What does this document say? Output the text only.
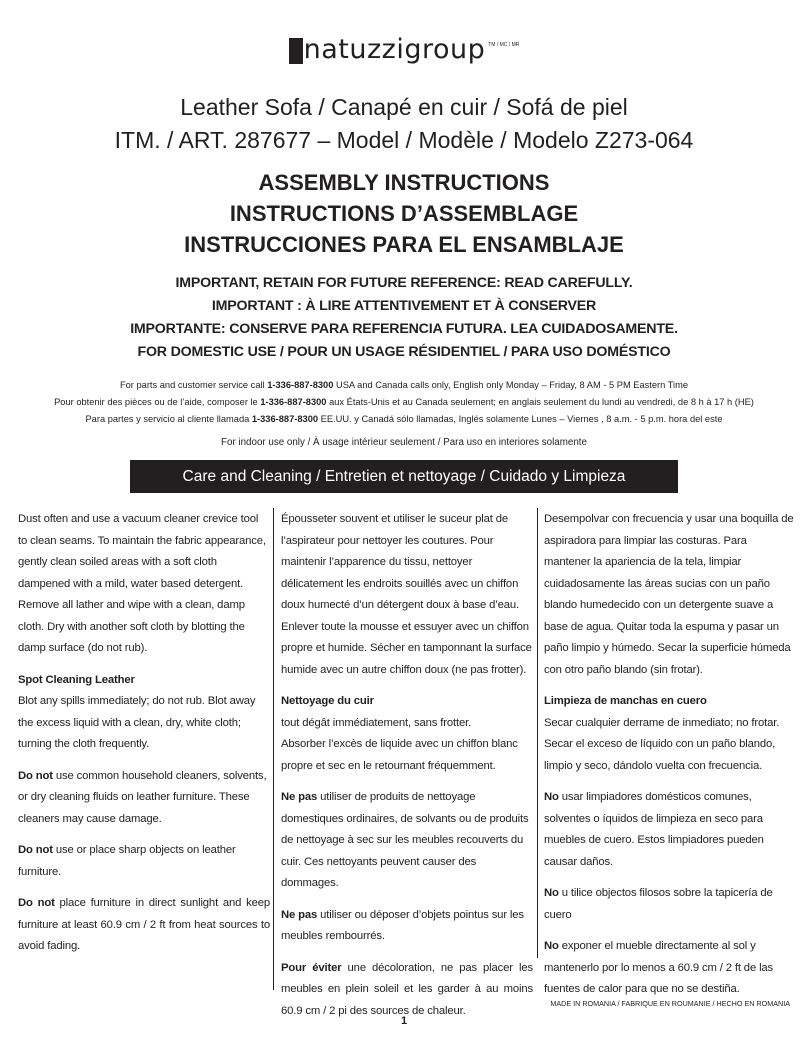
natuzzigroup TM / MC / MR
Leather Sofa / Canapé en cuir / Sofá de piel
ITM. / ART. 287677 – Model / Modèle / Modelo Z273-064
ASSEMBLY INSTRUCTIONS
INSTRUCTIONS D’ASSEMBLAGE
INSTRUCCIONES PARA EL ENSAMBLAJE
IMPORTANT, RETAIN FOR FUTURE REFERENCE: READ CAREFULLY.
IMPORTANT : À LIRE ATTENTIVEMENT ET À CONSERVER
IMPORTANTE: CONSERVE PARA REFERENCIA FUTURA. LEA CUIDADOSAMENTE.
FOR DOMESTIC USE / POUR UN USAGE RÉSIDENTIEL / PARA USO DOMÉSTICO
For parts and customer service call 1-336-887-8300 USA and Canada calls only, English only Monday – Friday, 8 AM - 5 PM Eastern Time
Pour obtenir des pièces ou de l’aide, composer le 1-336-887-8300 aux États-Unis et au Canada seulement; en anglais seulement du lundi au vendredi, de 8 h à 17 h (HE)
Para partes y servicio al cliente llamada 1-336-887-8300 EE.UU. y Canadá sólo llamadas, Inglés solamente Lunes – Viernes , 8 a.m. - 5 p.m. hora del este
For indoor use only / À usage intérieur seulement / Para uso en interiores solamente
Care and Cleaning / Entretien et nettoyage / Cuidado y Limpieza

Dust often and use a vacuum cleaner crevice tool to clean seams. To maintain the fabric appearance, gently clean soiled areas with a soft cloth dampened with a mild, water based detergent. Remove all lather and wipe with a clean, damp cloth. Dry with another soft cloth by blotting the damp surface (do not rub).

Spot Cleaning Leather

Blot any spills immediately; do not rub. Blot away the excess liquid with a clean, dry, white cloth; turning the cloth frequently.

Do not use common household cleaners, solvents, or dry cleaning fluids on leather furniture. These cleaners may cause damage.

Do not use or place sharp objects on leather furniture.

Do not place furniture in direct sunlight and keep furniture at least 60.9 cm / 2 ft from heat sources to avoid fading.

Épousseter souvent et utiliser le suceur plat de l’aspirateur pour nettoyer les coutures. Pour maintenir l’apparence du tissu, nettoyer délicatement les endroits souillés avec un chiffon doux humecté d’un détergent doux à base d’eau. Enlever toute la mousse et essuyer avec un chiffon propre et humide. Sécher en tamponnant la surface humide avec un autre chiffon doux (ne pas frotter).

Nettoyage du cuir

tout dégât immédiatement, sans frotter.
Absorber l’excès de liquide avec un chiffon blanc propre et sec en le retournant fréquemment.

Ne pas utiliser de produits de nettoyage domestiques ordinaires, de solvants ou de produits de nettoyage à sec sur les meubles recouverts du cuir. Ces nettoyants peuvent causer des dommages.

Ne pas utiliser ou déposer d’objets pointus sur les meubles rembourrés.

Pour éviter une décoloration, ne pas placer les meubles en plein soleil et les garder à au moins 60.9 cm / 2 pi des sources de chaleur.

Desempolvar con frecuencia y usar una boquilla de aspiradora para limpiar las costuras. Para mantener la apariencia de la tela, limpiar cuidadosamente las áreas sucias con un paño blando humedecido con un detergente suave a base de agua. Quitar toda la espuma y pasar un paño limpio y húmedo. Secar la superficie húmeda con otro paño blando (sin frotar).

Limpieza de manchas en cuero

Secar cualquier derrame de inmediato; no frotar. Secar el exceso de líquido con un paño blando, limpio y seco, dándolo vuelta con frecuencia.

No usar limpiadores domésticos comunes, solventes o íquidos de limpieza en seco para muebles de cuero. Estos limpiadores pueden causar daños.

No u tilice objectos filosos sobre la tapicería de cuero

No exponer el mueble directamente al sol y mantenerlo por lo menos a 60.9 cm / 2 ft de las fuentes de calor para que no se destiña.

MADE IN ROMANIA / FABRIQUE EN ROUMANIE / HECHO EN ROMANIA
1
